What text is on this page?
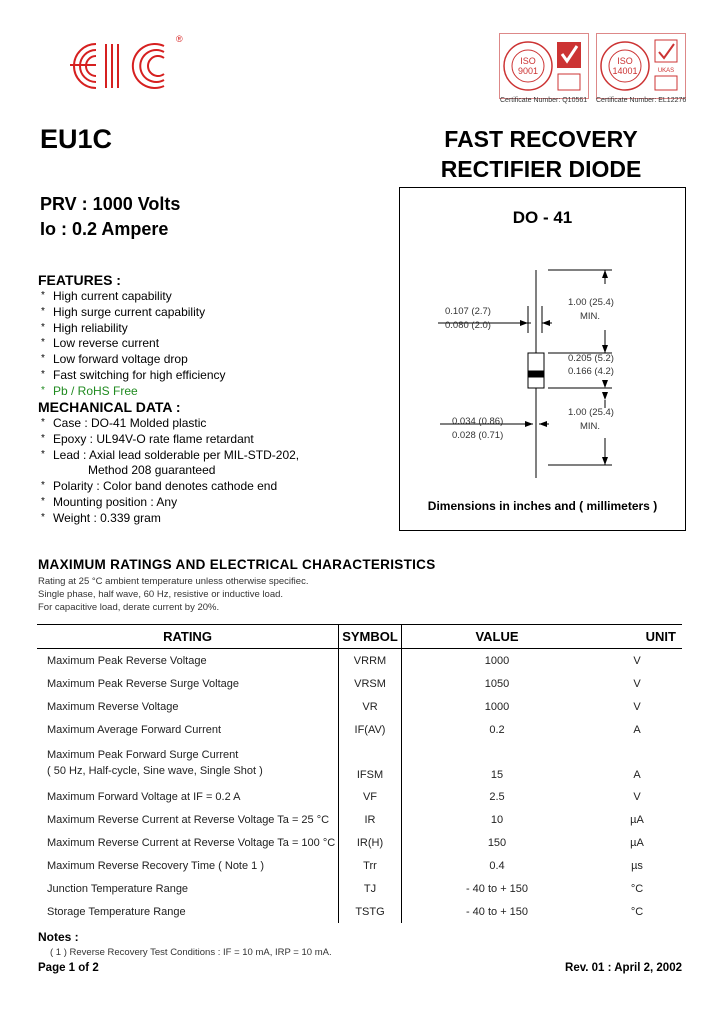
®
ISO
9001
ISO
14001	UKAS
Certificate Number: Q10561 Certificate Number: EL12276
EU1C	FAST RECOVERY
RECTIFIER DIODE
PRV : 1000 Volts
Io : 0.2 Ampere
FEATURES :
* High current capability
* High surge current capability
* High reliability
* Low reverse current
* Low forward voltage drop
* Fast switching for high efficiency
* Pb / RoHS Free
MECHANICAL DATA :
* Case : DO-41 Molded plastic
* Epoxy : UL94V-O rate flame retardant
* Lead : Axial lead solderable per MIL-STD-202,
Method 208 guaranteed
* Polarity : Color band denotes cathode end
* Mounting position : Any
* Weight : 0.339 gram
DO - 41
0.107 (2.7)
0.080 (2.0)
1.00 (25.4)
MIN.
0.205 (5.2)
0.166 (4.2)
0.034 (0.86)
0.028 (0.71)
1.00 (25.4)
MIN.
Dimensions in inches and ( millimeters )
MAXIMUM RATINGS AND ELECTRICAL CHARACTERISTICS
Rating at 25 °C ambient temperature unless otherwise specifiec.
Single phase, half wave, 60 Hz, resistive or inductive load.
For capacitive load, derate current by 20%.
RATING	SYMBOL	VALUE	UNIT

Maximum Peak Reverse Voltage	VRRM	1000	V

Maximum Peak Reverse Surge Voltage	VRSM	1050	V

Maximum Reverse Voltage	VR	1000	V

Maximum Average Forward Current	IF(AV)	0.2	A

Maximum Peak Forward Surge Current
( 50 Hz, Half-cycle, Sine wave, Single Shot )	IFSM	15	A

Maximum Forward Voltage at IF = 0.2 A	VF	2.5	V

Maximum Reverse Current at Reverse Voltage Ta = 25 °C	IR	10	µA

Maximum Reverse Current at Reverse Voltage Ta = 100 °C	IR(H)	150	µA

Maximum Reverse Recovery Time ( Note 1 )	Trr	0.4	µs

Junction Temperature Range	TJ	- 40 to + 150	°C

Storage Temperature Range	TSTG	- 40 to + 150	°C
Notes :
( 1 ) Reverse Recovery Test Conditions : IF = 10 mA, IRP = 10 mA.
Page 1 of 2	Rev. 01 : April 2, 2002
